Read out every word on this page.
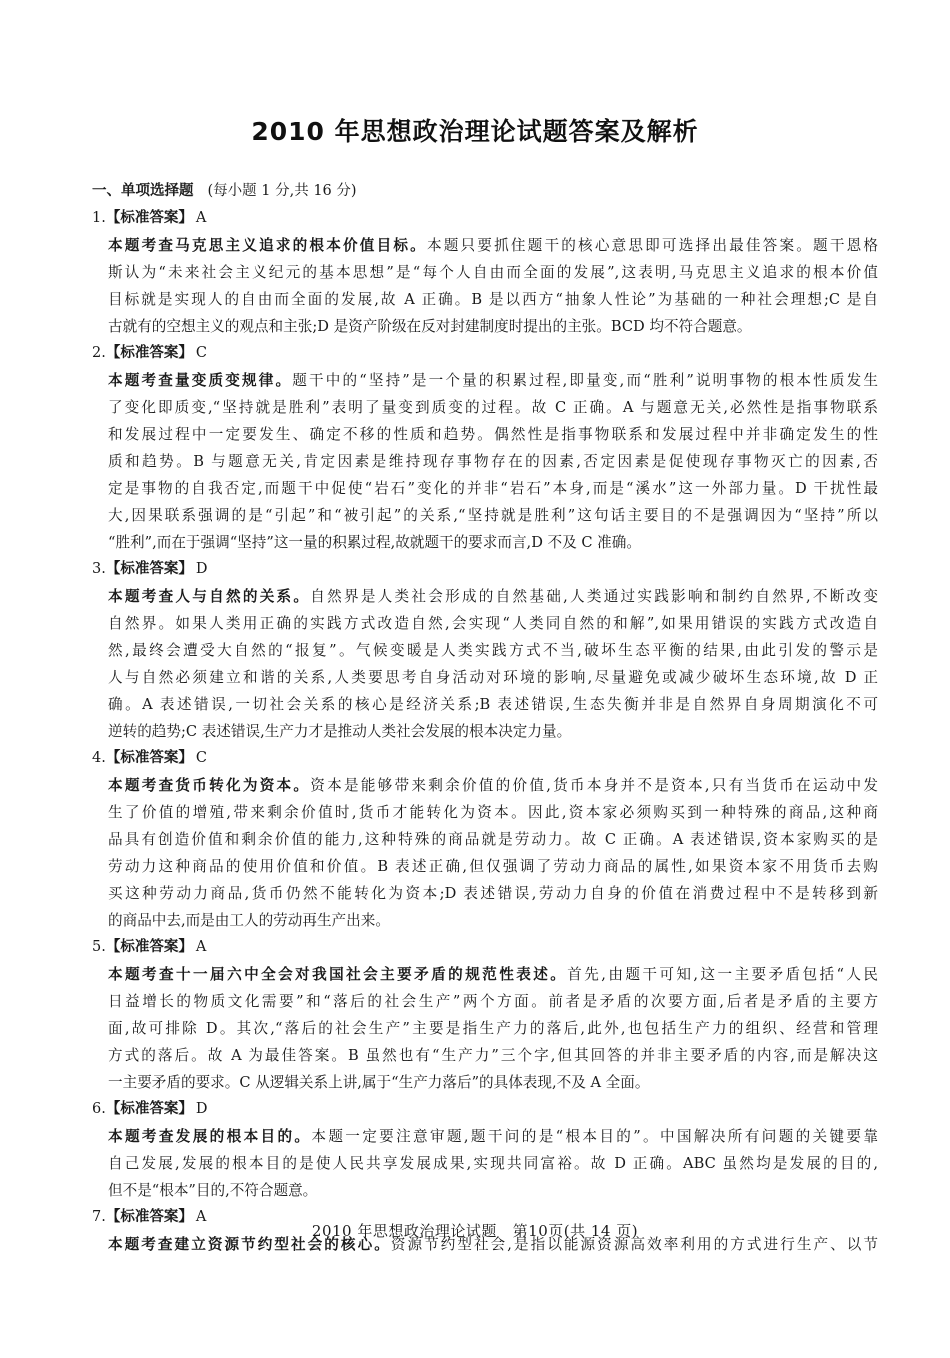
2010 年思想政治理论试题答案及解析
一、单项选择题 (每小题 1 分,共 16 分)
1.【标准答案】 A
本题考查马克思主义追求的根本价值目标。本题只要抓住题干的核心意思即可选择出最佳答案。题干恩格
斯认为“未来社会主义纪元的基本思想”是“每个人自由而全面的发展”,这表明,马克思主义追求的根本价值
目标就是实现人的自由而全面的发展,故 A 正确。B 是以西方“抽象人性论”为基础的一种社会理想;C 是自
古就有的空想主义的观点和主张;D 是资产阶级在反对封建制度时提出的主张。BCD 均不符合题意。
2.【标准答案】 C
本题考查量变质变规律。题干中的“坚持”是一个量的积累过程,即量变,而“胜利”说明事物的根本性质发生
了变化即质变,“坚持就是胜利”表明了量变到质变的过程。故 C 正确。A 与题意无关,必然性是指事物联系
和发展过程中一定要发生、确定不移的性质和趋势。偶然性是指事物联系和发展过程中并非确定发生的性
质和趋势。B 与题意无关,肯定因素是维持现存事物存在的因素,否定因素是促使现存事物灭亡的因素,否
定是事物的自我否定,而题干中促使“岩石”变化的并非“岩石”本身,而是“溪水”这一外部力量。D 干扰性最
大,因果联系强调的是“引起”和“被引起”的关系,“坚持就是胜利”这句话主要目的不是强调因为“坚持”所以
“胜利”,而在于强调“坚持”这一量的积累过程,故就题干的要求而言,D 不及 C 准确。
3.【标准答案】 D
本题考查人与自然的关系。自然界是人类社会形成的自然基础,人类通过实践影响和制约自然界,不断改变
自然界。如果人类用正确的实践方式改造自然,会实现“人类同自然的和解”,如果用错误的实践方式改造自
然,最终会遭受大自然的“报复”。气候变暖是人类实践方式不当,破坏生态平衡的结果,由此引发的警示是
人与自然必须建立和谐的关系,人类要思考自身活动对环境的影响,尽量避免或减少破坏生态环境,故 D 正
确。A 表述错误,一切社会关系的核心是经济关系;B 表述错误,生态失衡并非是自然界自身周期演化不可
逆转的趋势;C 表述错误,生产力才是推动人类社会发展的根本决定力量。
4.【标准答案】 C
本题考查货币转化为资本。资本是能够带来剩余价值的价值,货币本身并不是资本,只有当货币在运动中发
生了价值的增殖,带来剩余价值时,货币才能转化为资本。因此,资本家必须购买到一种特殊的商品,这种商
品具有创造价值和剩余价值的能力,这种特殊的商品就是劳动力。故 C 正确。A 表述错误,资本家购买的是
劳动力这种商品的使用价值和价值。B 表述正确,但仅强调了劳动力商品的属性,如果资本家不用货币去购
买这种劳动力商品,货币仍然不能转化为资本;D 表述错误,劳动力自身的价值在消费过程中不是转移到新
的商品中去,而是由工人的劳动再生产出来。
5.【标准答案】 A
本题考查十一届六中全会对我国社会主要矛盾的规范性表述。首先,由题干可知,这一主要矛盾包括“人民
日益增长的物质文化需要”和“落后的社会生产”两个方面。前者是矛盾的次要方面,后者是矛盾的主要方
面,故可排除 D。其次,“落后的社会生产”主要是指生产力的落后,此外,也包括生产力的组织、经营和管理
方式的落后。故 A 为最佳答案。B 虽然也有“生产力”三个字,但其回答的并非主要矛盾的内容,而是解决这
一主要矛盾的要求。C 从逻辑关系上讲,属于“生产力落后”的具体表现,不及 A 全面。
6.【标准答案】 D
本题考查发展的根本目的。本题一定要注意审题,题干问的是“根本目的”。中国解决所有问题的关键要靠
自己发展,发展的根本目的是使人民共享发展成果,实现共同富裕。故 D 正确。ABC 虽然均是发展的目的,
但不是“根本”目的,不符合题意。
7.【标准答案】 A
本题考查建立资源节约型社会的核心。资源节约型社会,是指以能源资源高效率利用的方式进行生产、以节
2010 年思想政治理论试题 第10页(共 14 页)
